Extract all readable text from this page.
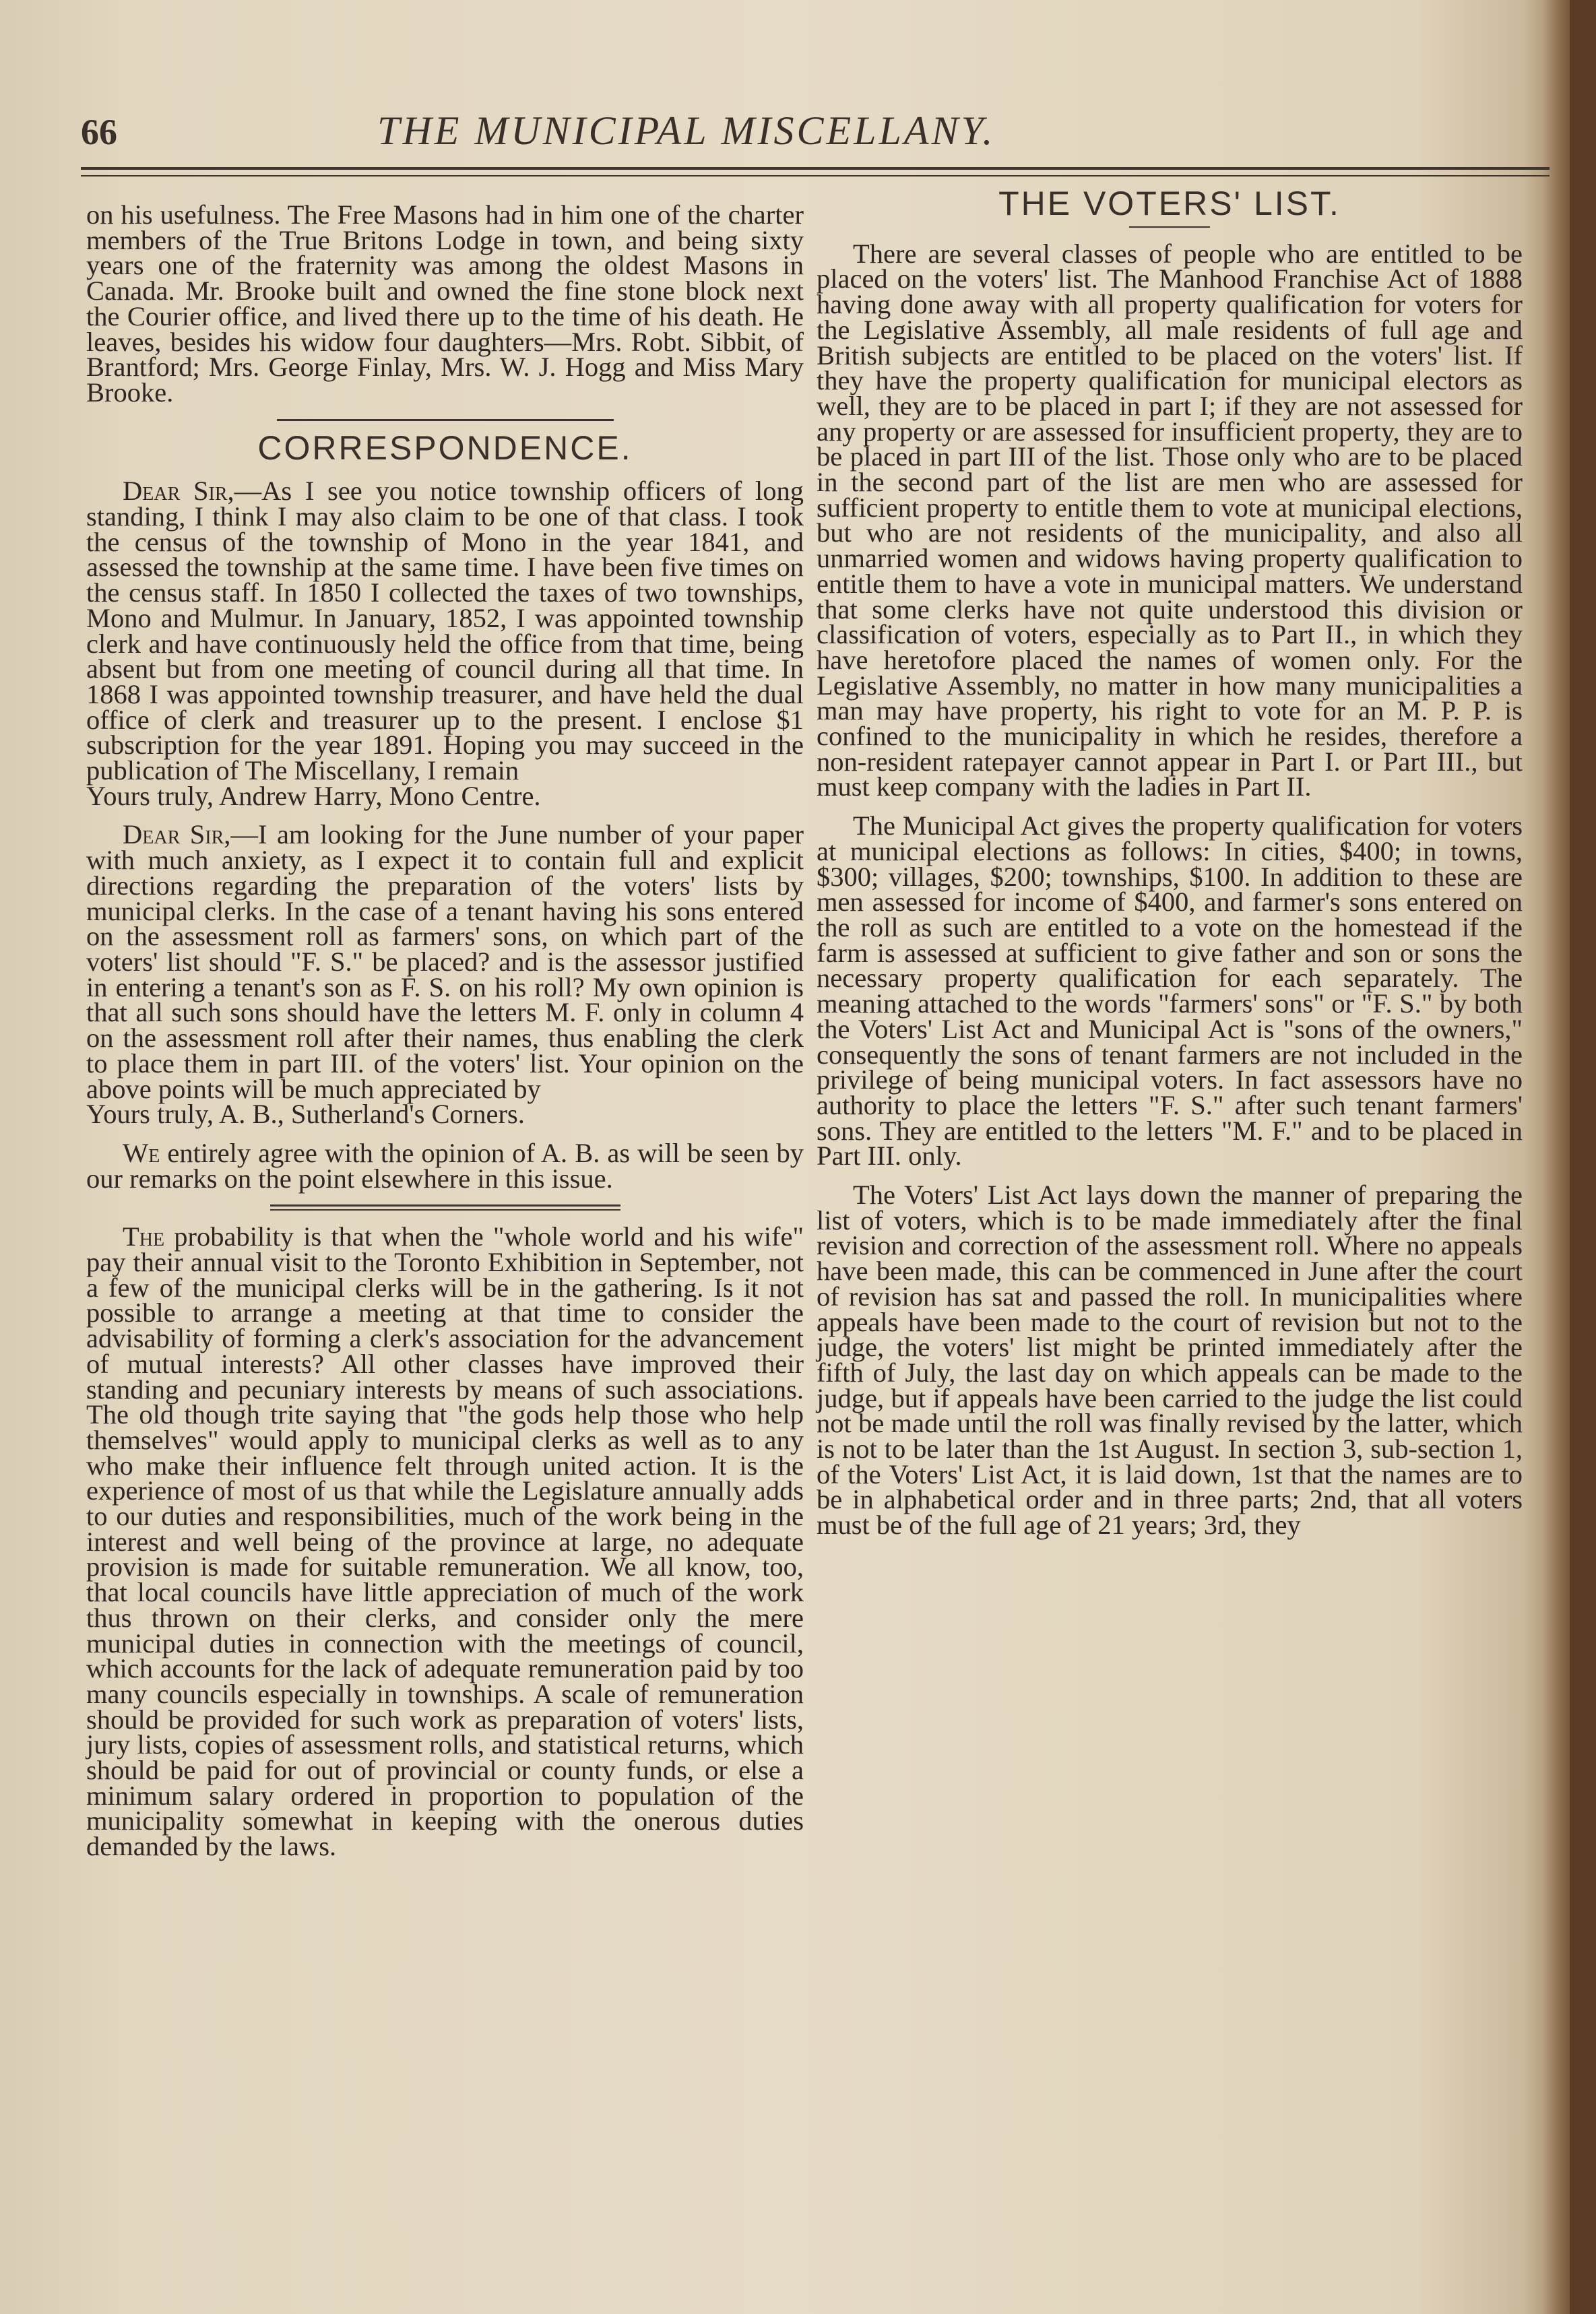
66	THE MUNICIPAL MISCELLANY.

on his usefulness. The Free Masons had in him one of the charter members of the True Britons Lodge in town, and being sixty years one of the fraternity was among the oldest Masons in Canada. Mr. Brooke built and owned the fine stone block next the Courier office, and lived there up to the time of his death. He leaves, besides his widow four daughters—Mrs. Robt. Sibbit, of Brantford; Mrs. George Finlay, Mrs. W. J. Hogg and Miss Mary Brooke.

CORRESPONDENCE.

Dear Sir,—As I see you notice township officers of long standing, I think I may also claim to be one of that class. I took the census of the township of Mono in the year 1841, and assessed the township at the same time. I have been five times on the census staff. In 1850 I collected the taxes of two townships, Mono and Mulmur. In January, 1852, I was appointed township clerk and have continuously held the office from that time, being absent but from one meeting of council during all that time. In 1868 I was appointed township treasurer, and have held the dual office of clerk and treasurer up to the present. I enclose $1 subscription for the year 1891. Hoping you may succeed in the publication of The Miscellany, I remain

Yours truly, Andrew Harry, Mono Centre.

Dear Sir,—I am looking for the June number of your paper with much anxiety, as I expect it to contain full and explicit directions regarding the preparation of the voters' lists by municipal clerks. In the case of a tenant having his sons entered on the assessment roll as farmers' sons, on which part of the voters' list should "F. S." be placed? and is the assessor justified in entering a tenant's son as F. S. on his roll? My own opinion is that all such sons should have the letters M. F. only in column 4 on the assessment roll after their names, thus enabling the clerk to place them in part III. of the voters' list. Your opinion on the above points will be much appreciated by

Yours truly, A. B., Sutherland's Corners.

We entirely agree with the opinion of A. B. as will be seen by our remarks on the point elsewhere in this issue.

The probability is that when the "whole world and his wife" pay their annual visit to the Toronto Exhibition in September, not a few of the municipal clerks will be in the gathering. Is it not possible to arrange a meeting at that time to consider the advisability of forming a clerk's association for the advancement of mutual interests? All other classes have improved their standing and pecuniary interests by means of such associations. The old though trite saying that "the gods help those who help themselves" would apply to municipal clerks as well as to any who make their influence felt through united action. It is the experience of most of us that while the Legislature annually adds to our duties and responsibilities, much of the work being in the interest and well being of the province at large, no adequate provision is made for suitable remuneration. We all know, too, that local councils have little appreciation of much of the work thus thrown on their clerks, and consider only the mere municipal duties in connection with the meetings of council, which accounts for the lack of adequate remuneration paid by too many councils especially in townships. A scale of remuneration should be provided for such work as preparation of voters' lists, jury lists, copies of assessment rolls, and statistical returns, which should be paid for out of provincial or county funds, or else a minimum salary ordered in proportion to population of the municipality somewhat in keeping with the onerous duties demanded by the laws.

THE VOTERS' LIST.

There are several classes of people who are entitled to be placed on the voters' list. The Manhood Franchise Act of 1888 having done away with all property qualification for voters for the Legislative Assembly, all male residents of full age and British subjects are entitled to be placed on the voters' list. If they have the property qualification for municipal electors as well, they are to be placed in part I; if they are not assessed for any property or are assessed for insufficient property, they are to be placed in part III of the list. Those only who are to be placed in the second part of the list are men who are assessed for sufficient property to entitle them to vote at municipal elections, but who are not residents of the municipality, and also all unmarried women and widows having property qualification to entitle them to have a vote in municipal matters. We understand that some clerks have not quite understood this division or classification of voters, especially as to Part II., in which they have heretofore placed the names of women only. For the Legislative Assembly, no matter in how many municipalities a man may have property, his right to vote for an M. P. P. is confined to the municipality in which he resides, therefore a non-resident ratepayer cannot appear in Part I. or Part III., but must keep company with the ladies in Part II.

The Municipal Act gives the property qualification for voters at municipal elections as follows: In cities, $400; in towns, $300; villages, $200; townships, $100. In addition to these are men assessed for income of $400, and farmer's sons entered on the roll as such are entitled to a vote on the homestead if the farm is assessed at sufficient to give father and son or sons the necessary property qualification for each separately. The meaning attached to the words "farmers' sons" or "F. S." by both the Voters' List Act and Municipal Act is "sons of the owners," consequently the sons of tenant farmers are not included in the privilege of being municipal voters. In fact assessors have no authority to place the letters "F. S." after such tenant farmers' sons. They are entitled to the letters "M. F." and to be placed in Part III. only.

The Voters' List Act lays down the manner of preparing the list of voters, which is to be made immediately after the final revision and correction of the assessment roll. Where no appeals have been made, this can be commenced in June after the court of revision has sat and passed the roll. In municipalities where appeals have been made to the court of revision but not to the judge, the voters' list might be printed immediately after the fifth of July, the last day on which appeals can be made to the judge, but if appeals have been carried to the judge the list could not be made until the roll was finally revised by the latter, which is not to be later than the 1st August. In section 3, sub-section 1, of the Voters' List Act, it is laid down, 1st that the names are to be in alphabetical order and in three parts; 2nd, that all voters must be of the full age of 21 years; 3rd, they
